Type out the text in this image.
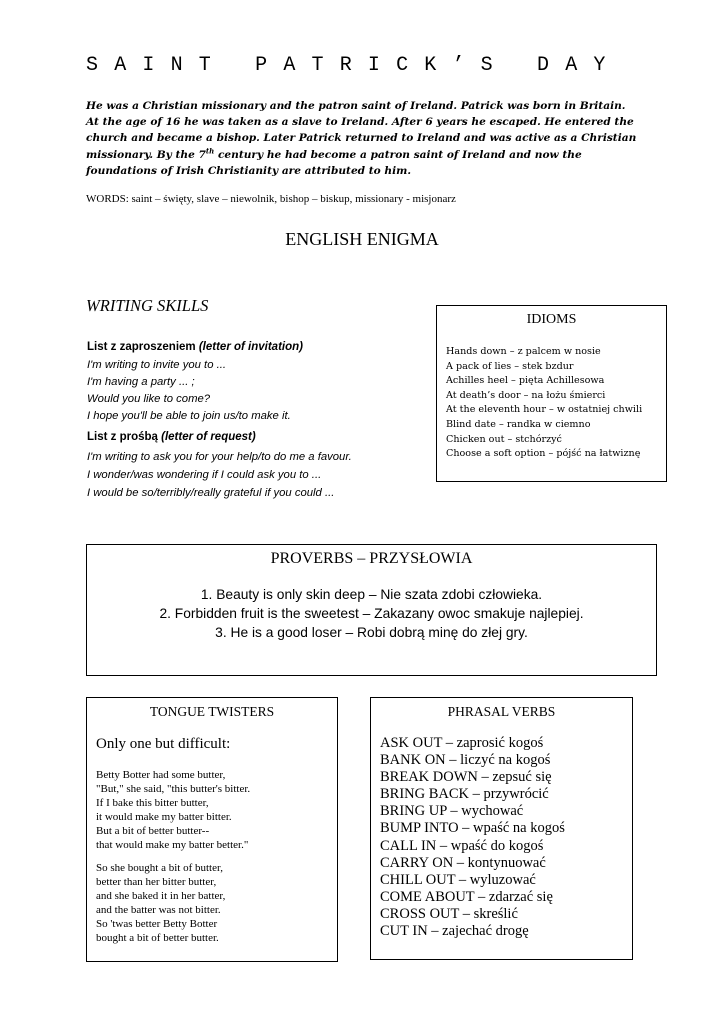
S A I N T
	P A T R I C K ’ S
	D A Y
He was a Christian missionary and the patron saint of Ireland. Patrick was born in Britain. At the age of 16 he was taken as a slave to Ireland. After 6 years he escaped. He entered the church and became a bishop. Later Patrick returned to Ireland and was active as a Christian missionary. By the 7th century he had become a patron saint of Ireland and now the foundations of Irish Christianity are attributed to him.
WORDS: saint – święty, slave – niewolnik, bishop – biskup, missionary - misjonarz
ENGLISH ENIGMA
WRITING SKILLS
List z zaproszeniem (letter of invitation)
I'm writing to invite you to ...
I'm having a party ... ;
Would you like to come?
I hope you'll be able to join us/to make it.
List z prośbą (letter of request)
I'm writing to ask you for your help/to do me a favour.
I wonder/was wondering if I could ask you to ...
I would be so/terribly/really grateful if you could ...
IDIOMS
Hands down – z palcem w nosie
A pack of lies – stek bzdur
Achilles heel – pięta Achillesowa
At death’s door – na łożu śmierci
At the eleventh hour – w ostatniej chwili
Blind date – randka w ciemno
Chicken out – stchórzyć
Choose a soft option – pójść na łatwiznę
PROVERBS – PRZYSŁOWIA
1. Beauty is only skin deep – Nie szata zdobi człowieka.
2. Forbidden fruit is the sweetest – Zakazany owoc smakuje najlepiej.
3. He is a good loser – Robi dobrą minę do złej gry.
TONGUE TWISTERS
Only one but difficult:
Betty Botter had some butter,
"But," she said, "this butter's bitter.
If I bake this bitter butter,
it would make my batter bitter.
But a bit of better butter--
that would make my batter better."
So she bought a bit of butter,
better than her bitter butter,
and she baked it in her batter,
and the batter was not bitter.
So 'twas better Betty Botter
bought a bit of better butter.
PHRASAL VERBS
ASK OUT – zaprosić kogoś
BANK ON – liczyć na kogoś
BREAK DOWN – zepsuć się
BRING BACK – przywrócić
BRING UP – wychować
BUMP INTO – wpaść na kogoś
CALL IN – wpaść do kogoś
CARRY ON – kontynuować
CHILL OUT – wyluzować
COME ABOUT – zdarzać się
CROSS OUT – skreślić
CUT IN – zajechać drogę
